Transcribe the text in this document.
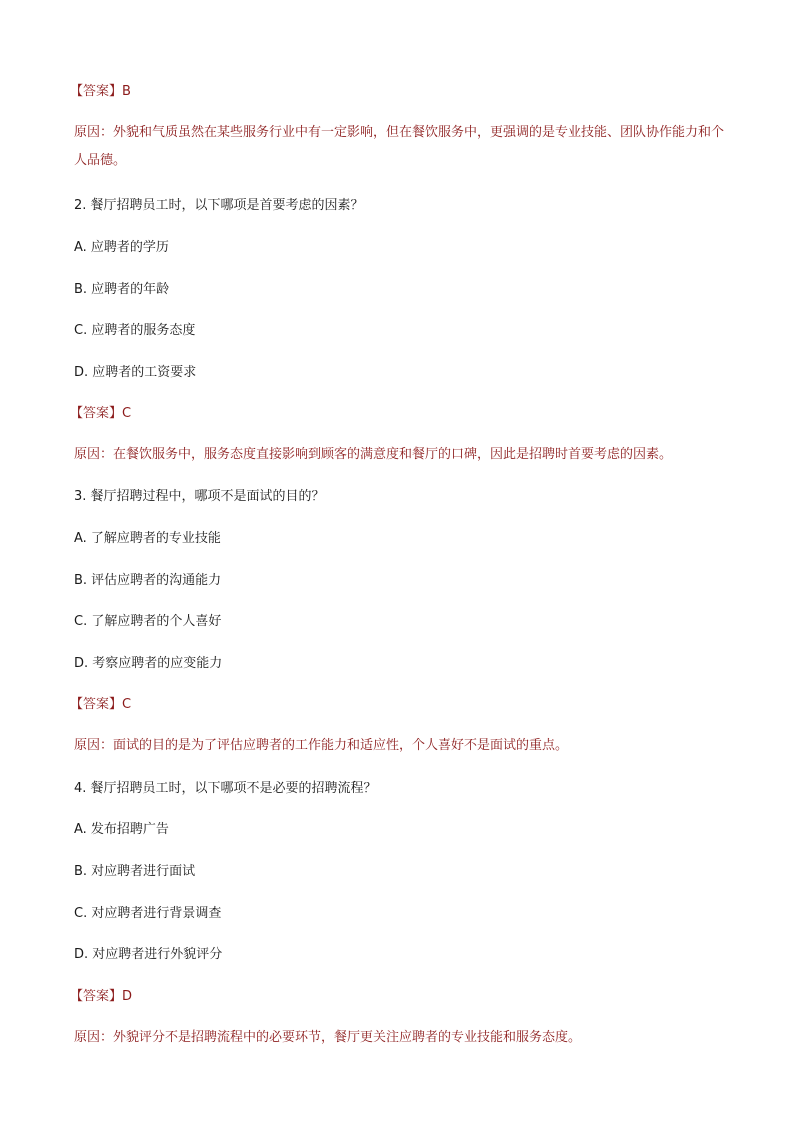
【答案】B
原因：外貌和气质虽然在某些服务行业中有一定影响，但在餐饮服务中，更强调的是专业技能、团队协作能力和个人品德。
2. 餐厅招聘员工时，以下哪项是首要考虑的因素？
A. 应聘者的学历
B. 应聘者的年龄
C. 应聘者的服务态度
D. 应聘者的工资要求
【答案】C
原因：在餐饮服务中，服务态度直接影响到顾客的满意度和餐厅的口碑，因此是招聘时首要考虑的因素。
3. 餐厅招聘过程中，哪项不是面试的目的？
A. 了解应聘者的专业技能
B. 评估应聘者的沟通能力
C. 了解应聘者的个人喜好
D. 考察应聘者的应变能力
【答案】C
原因：面试的目的是为了评估应聘者的工作能力和适应性，个人喜好不是面试的重点。
4. 餐厅招聘员工时，以下哪项不是必要的招聘流程？
A. 发布招聘广告
B. 对应聘者进行面试
C. 对应聘者进行背景调查
D. 对应聘者进行外貌评分
【答案】D
原因：外貌评分不是招聘流程中的必要环节，餐厅更关注应聘者的专业技能和服务态度。
